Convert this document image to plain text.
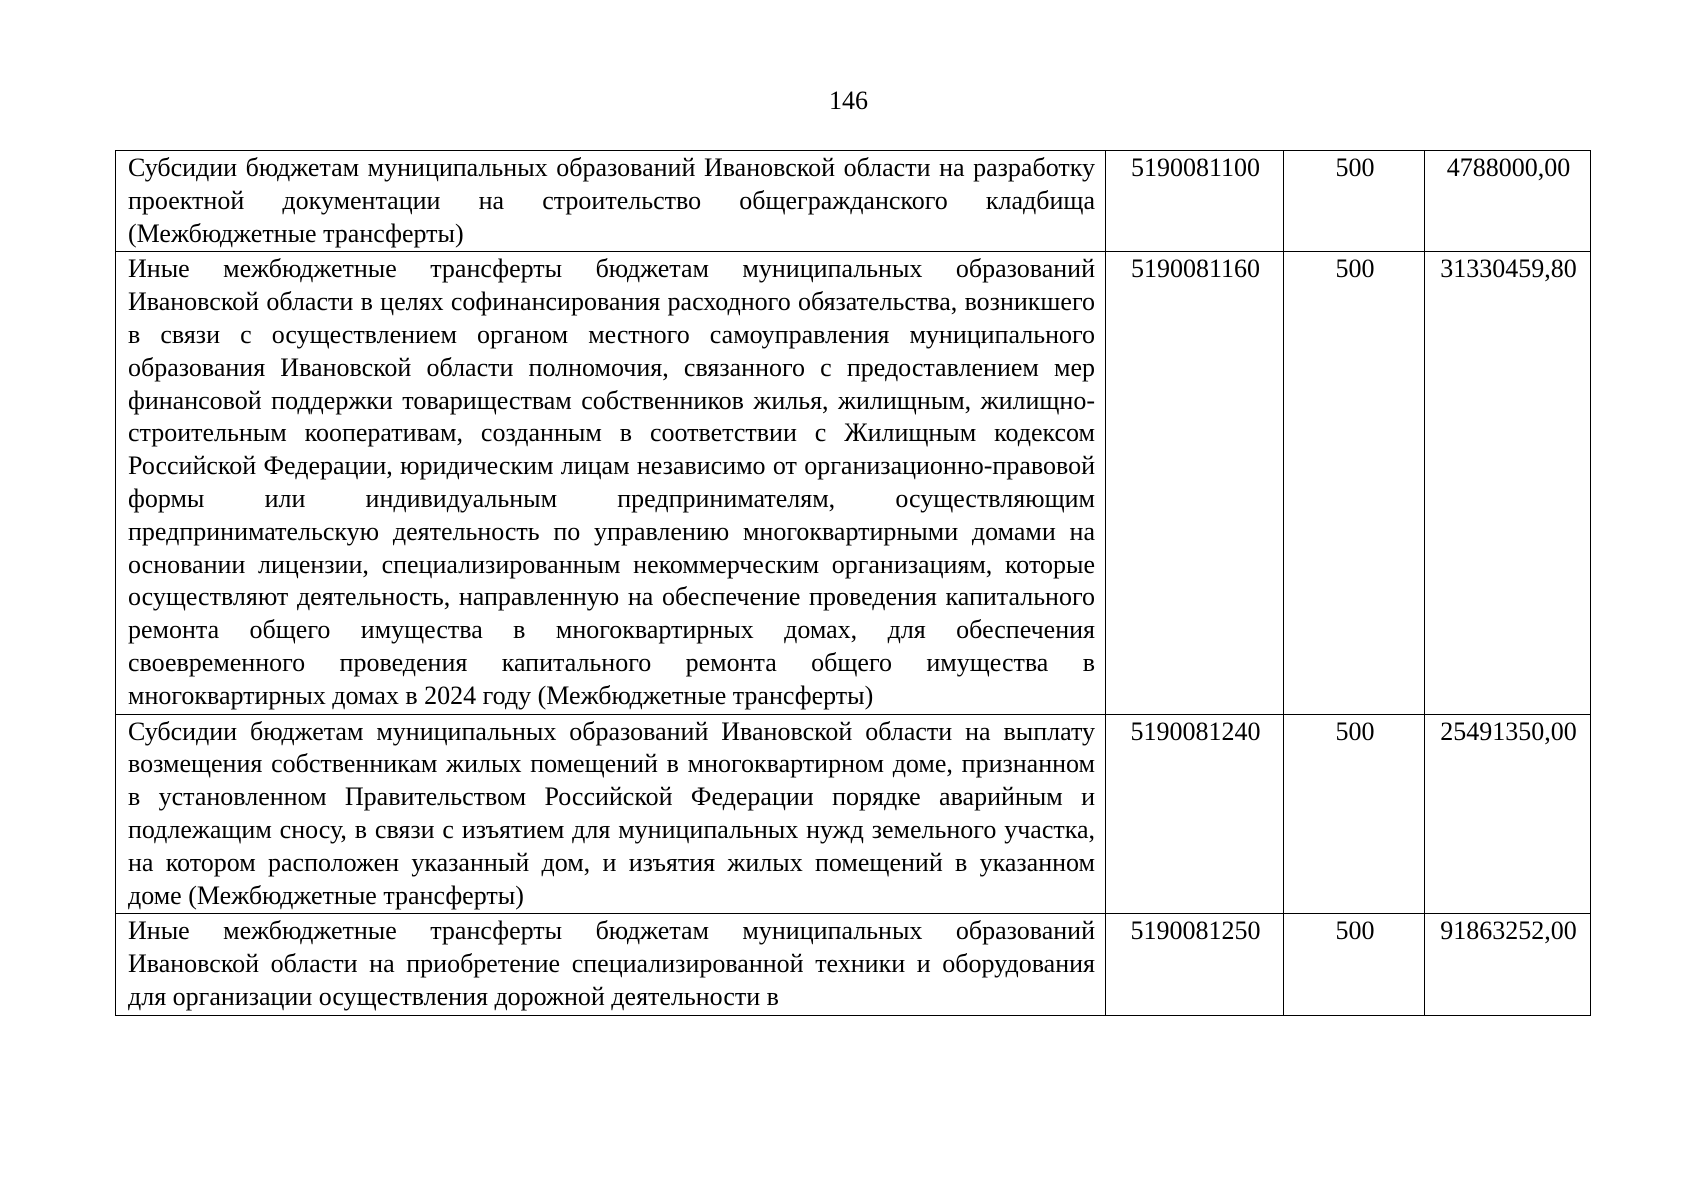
146
Субсидии бюджетам муниципальных образований Ивановской области на разработку проектной документации на строительство общегражданского кладбища (Межбюджетные трансферты)	5190081100	500	4788000,00
Иные межбюджетные трансферты бюджетам муниципальных образований Ивановской области в целях софинансирования расходного обязательства, возникшего в связи с осуществлением органом местного самоуправления муниципального образования Ивановской области полномочия, связанного с предоставлением мер финансовой поддержки товариществам собственников жилья, жилищным, жилищно-строительным кооперативам, созданным в соответствии с Жилищным кодексом Российской Федерации, юридическим лицам независимо от организационно-правовой формы или индивидуальным предпринимателям, осуществляющим предпринимательскую деятельность по управлению многоквартирными домами на основании лицензии, специализированным некоммерческим организациям, которые осуществляют деятельность, направленную на обеспечение проведения капитального ремонта общего имущества в многоквартирных домах, для обеспечения своевременного проведения капитального ремонта общего имущества в многоквартирных домах в 2024 году (Межбюджетные трансферты)	5190081160	500	31330459,80
Субсидии бюджетам муниципальных образований Ивановской области на выплату возмещения собственникам жилых помещений в многоквартирном доме, признанном в установленном Правительством Российской Федерации порядке аварийным и подлежащим сносу, в связи с изъятием для муниципальных нужд земельного участка, на котором расположен указанный дом, и изъятия жилых помещений в указанном доме (Межбюджетные трансферты)	5190081240	500	25491350,00
Иные межбюджетные трансферты бюджетам муниципальных образований Ивановской области на приобретение специализированной техники и оборудования для организации осуществления дорожной деятельности в	5190081250	500	91863252,00
